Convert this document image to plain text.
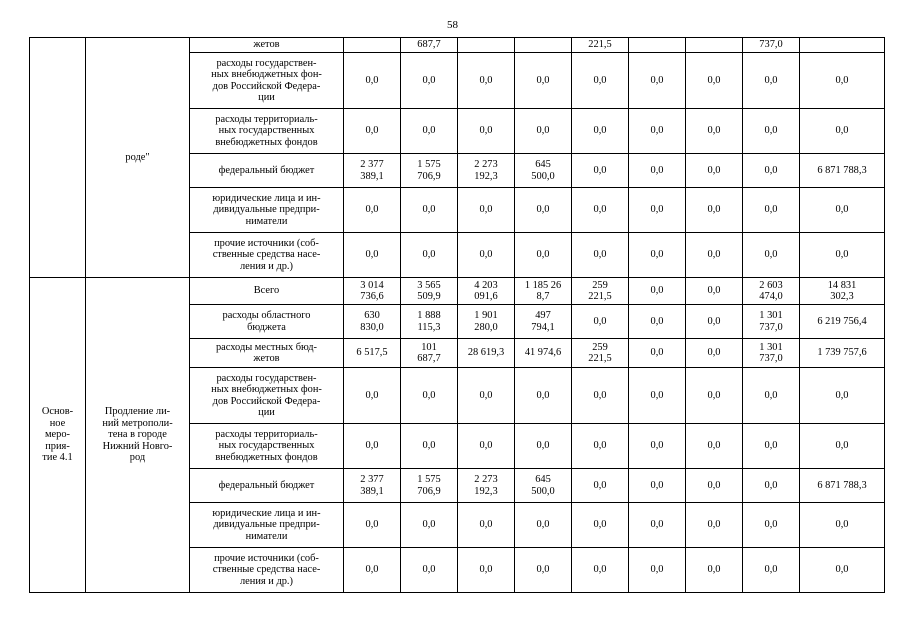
58

	роде"	жетов		687,7			221,5			737,0	

		расходы государствен-
ных внебюджетных фон-
дов Российской Федера-
ции	0,0	0,0	0,0	0,0	0,0	0,0	0,0	0,0	0,0

		расходы территориаль-
ных государственных
внебюджетных фондов	0,0	0,0	0,0	0,0	0,0	0,0	0,0	0,0	0,0

		федеральный бюджет	2 377
389,1	1 575
706,9	2 273
192,3	645
500,0	0,0	0,0	0,0	0,0	6 871 788,3

		юридические лица и ин-
дивидуальные предпри-
ниматели	0,0	0,0	0,0	0,0	0,0	0,0	0,0	0,0	0,0

		прочие источники (соб-
ственные средства насе-
ления и др.)	0,0	0,0	0,0	0,0	0,0	0,0	0,0	0,0	0,0

Основ-
ное
меро-
прия-
тие 4.1	Продление ли-
ний метрополи-
тена в городе
Нижний Новго-
род	Всего	3 014
736,6	3 565
509,9	4 203
091,6	1 185 26
8,7	259
221,5	0,0	0,0	2 603
474,0	14 831
302,3

		расходы областного
бюджета	630
830,0	1 888
115,3	1 901
280,0	497
794,1	0,0	0,0	0,0	1 301
737,0	6 219 756,4

		расходы местных бюд-
жетов	6 517,5	101
687,7	28 619,3	41 974,6	259
221,5	0,0	0,0	1 301
737,0	1 739 757,6

		расходы государствен-
ных внебюджетных фон-
дов Российской Федера-
ции	0,0	0,0	0,0	0,0	0,0	0,0	0,0	0,0	0,0

		расходы территориаль-
ных государственных
внебюджетных фондов	0,0	0,0	0,0	0,0	0,0	0,0	0,0	0,0	0,0

		федеральный бюджет	2 377
389,1	1 575
706,9	2 273
192,3	645
500,0	0,0	0,0	0,0	0,0	6 871 788,3

		юридические лица и ин-
дивидуальные предпри-
ниматели	0,0	0,0	0,0	0,0	0,0	0,0	0,0	0,0	0,0

		прочие источники (соб-
ственные средства насе-
ления и др.)	0,0	0,0	0,0	0,0	0,0	0,0	0,0	0,0	0,0
